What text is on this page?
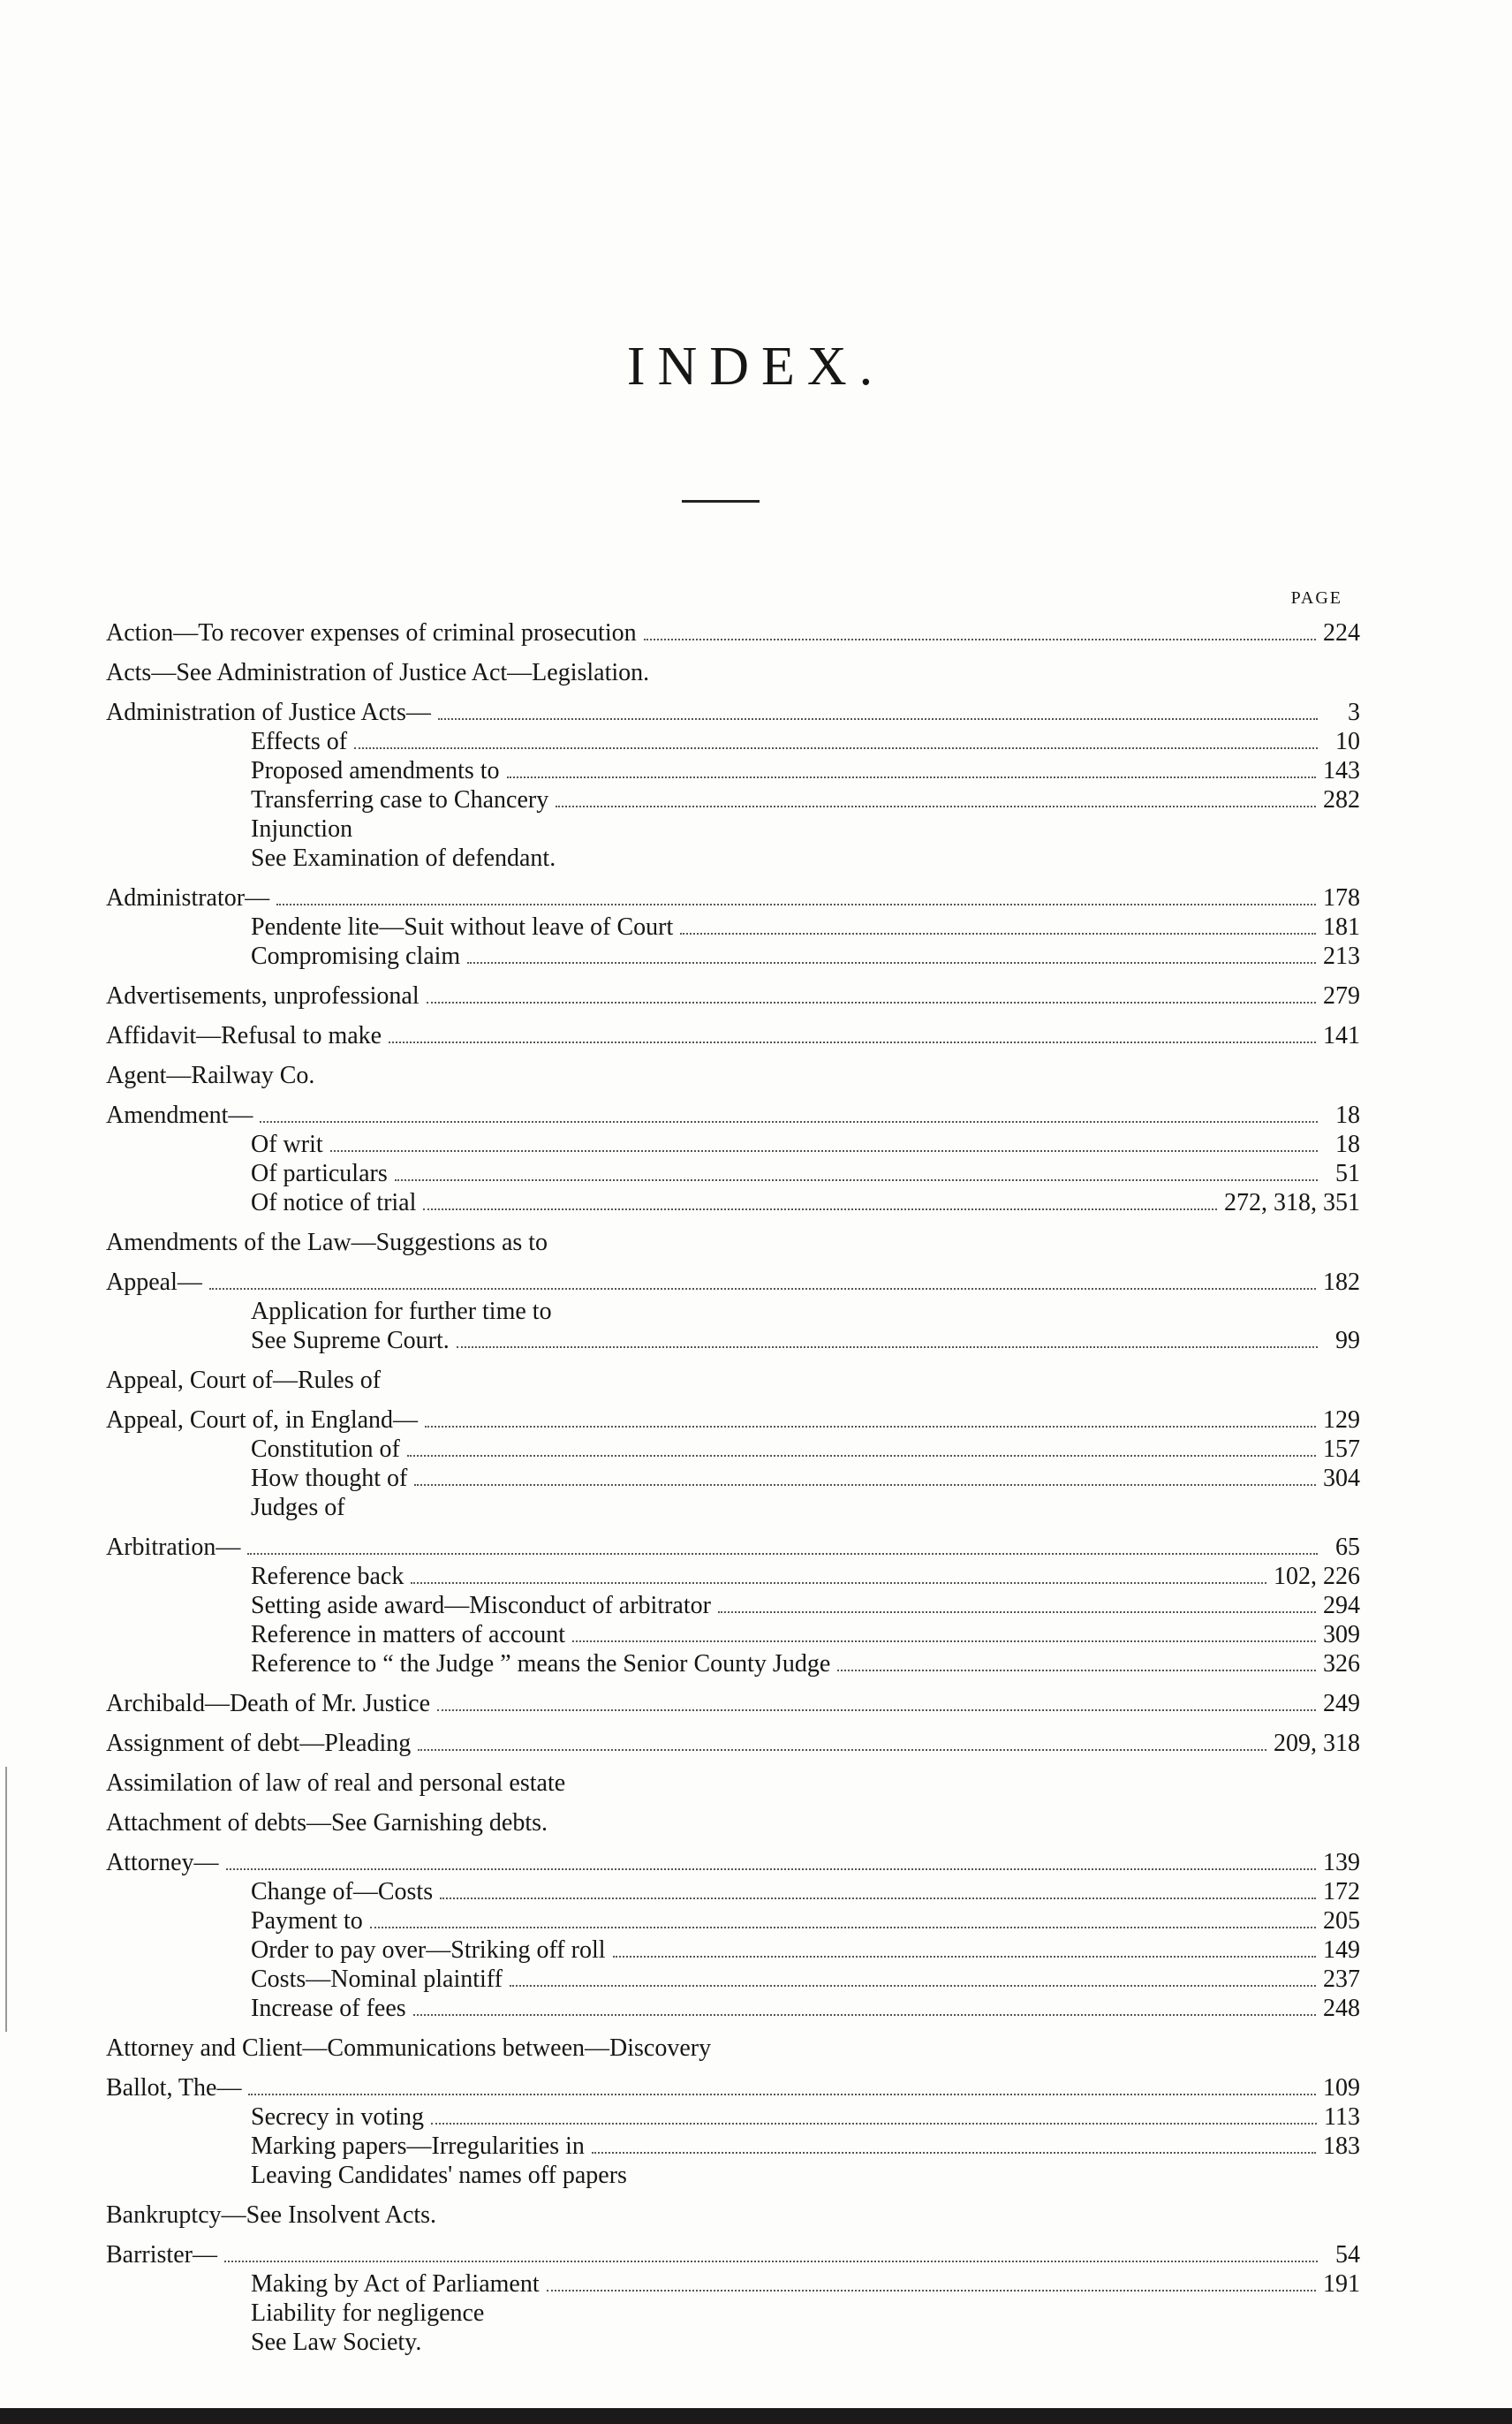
INDEX.
PAGE
Action—To recover expenses of criminal prosecution	224
Acts—See Administration of Justice Act—Legislation.
Administration of Justice Acts—	3
Effects of	10
Proposed amendments to	143
Transferring case to Chancery	282
Injunction
See Examination of defendant.
Administrator—	178
Pendente lite—Suit without leave of Court	181
Compromising claim	213
Advertisements, unprofessional	279
Affidavit—Refusal to make	141
Agent—Railway Co.
Amendment—	18
Of writ	18
Of particulars	51
Of notice of trial	272, 318, 351
Amendments of the Law—Suggestions as to
Appeal—	182
Application for further time to
See Supreme Court.	99
Appeal, Court of—Rules of
Appeal, Court of, in England—	129
Constitution of	157
How thought of	304
Judges of
Arbitration—	65
Reference back	102, 226
Setting aside award—Misconduct of arbitrator	294
Reference in matters of account	309
Reference to “ the Judge ” means the Senior County Judge	326
Archibald—Death of Mr. Justice	249
Assignment of debt—Pleading	209, 318
Assimilation of law of real and personal estate
Attachment of debts—See Garnishing debts.
Attorney—	139
Change of—Costs	172
Payment to	205
Order to pay over—Striking off roll	149
Costs—Nominal plaintiff	237
Increase of fees	248
Attorney and Client—Communications between—Discovery
Ballot, The—	109
Secrecy in voting	113
Marking papers—Irregularities in	183
Leaving Candidates' names off papers
Bankruptcy—See Insolvent Acts.
Barrister—	54
Making by Act of Parliament	191
Liability for negligence
See Law Society.
